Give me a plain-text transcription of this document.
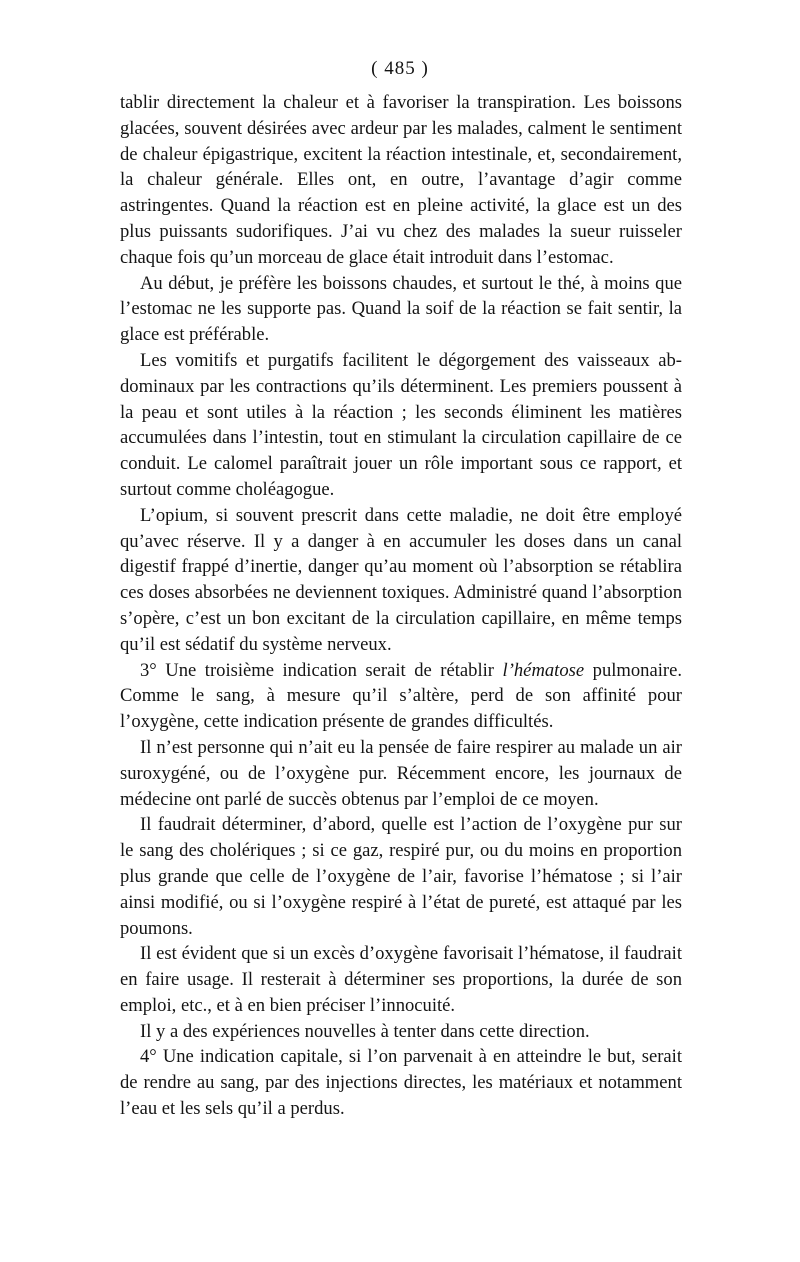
( 485 )

tablir directement la chaleur et à favoriser la transpiration. Les boissons glacées, souvent désirées avec ardeur par les malades, calment le sentiment de chaleur épigastrique, excitent la réaction intestinale, et, secondairement, la chaleur générale. Elles ont, en outre, l’avantage d’agir comme astringentes. Quand la réaction est en pleine activité, la glace est un des plus puissants sudorifiques. J’ai vu chez des malades la sueur ruisseler chaque fois qu’un morceau de glace était introduit dans l’estomac.

Au début, je préfère les boissons chaudes, et surtout le thé, à moins que l’estomac ne les supporte pas. Quand la soif de la réaction se fait sentir, la glace est préférable.

Les vomitifs et purgatifs facilitent le dégorgement des vaisseaux abdominaux par les contractions qu’ils déterminent. Les premiers poussent à la peau et sont utiles à la réaction ; les seconds éliminent les matières accumulées dans l’intestin, tout en stimulant la circulation capillaire de ce conduit. Le calomel paraîtrait jouer un rôle important sous ce rapport, et surtout comme choléagogue.

L’opium, si souvent prescrit dans cette maladie, ne doit être employé qu’avec réserve. Il y a danger à en accumuler les doses dans un canal digestif frappé d’inertie, danger qu’au moment où l’absorption se rétablira ces doses absorbées ne deviennent toxiques. Administré quand l’absorption s’opère, c’est un bon excitant de la circulation capillaire, en même temps qu’il est sédatif du système nerveux.

3° Une troisième indication serait de rétablir l’hématose pulmonaire. Comme le sang, à mesure qu’il s’altère, perd de son affinité pour l’oxygène, cette indication présente de grandes difficultés.

Il n’est personne qui n’ait eu la pensée de faire respirer au malade un air suroxygéné, ou de l’oxygène pur. Récemment encore, les journaux de médecine ont parlé de succès obtenus par l’emploi de ce moyen.

Il faudrait déterminer, d’abord, quelle est l’action de l’oxygène pur sur le sang des cholériques ; si ce gaz, respiré pur, ou du moins en proportion plus grande que celle de l’oxygène de l’air, favorise l’hématose ; si l’air ainsi modifié, ou si l’oxygène respiré à l’état de pureté, est attaqué par les poumons.

Il est évident que si un excès d’oxygène favorisait l’hématose, il faudrait en faire usage. Il resterait à déterminer ses proportions, la durée de son emploi, etc., et à en bien préciser l’innocuité.

Il y a des expériences nouvelles à tenter dans cette direction.

4° Une indication capitale, si l’on parvenait à en atteindre le but, serait de rendre au sang, par des injections directes, les matériaux et notamment l’eau et les sels qu’il a perdus.
